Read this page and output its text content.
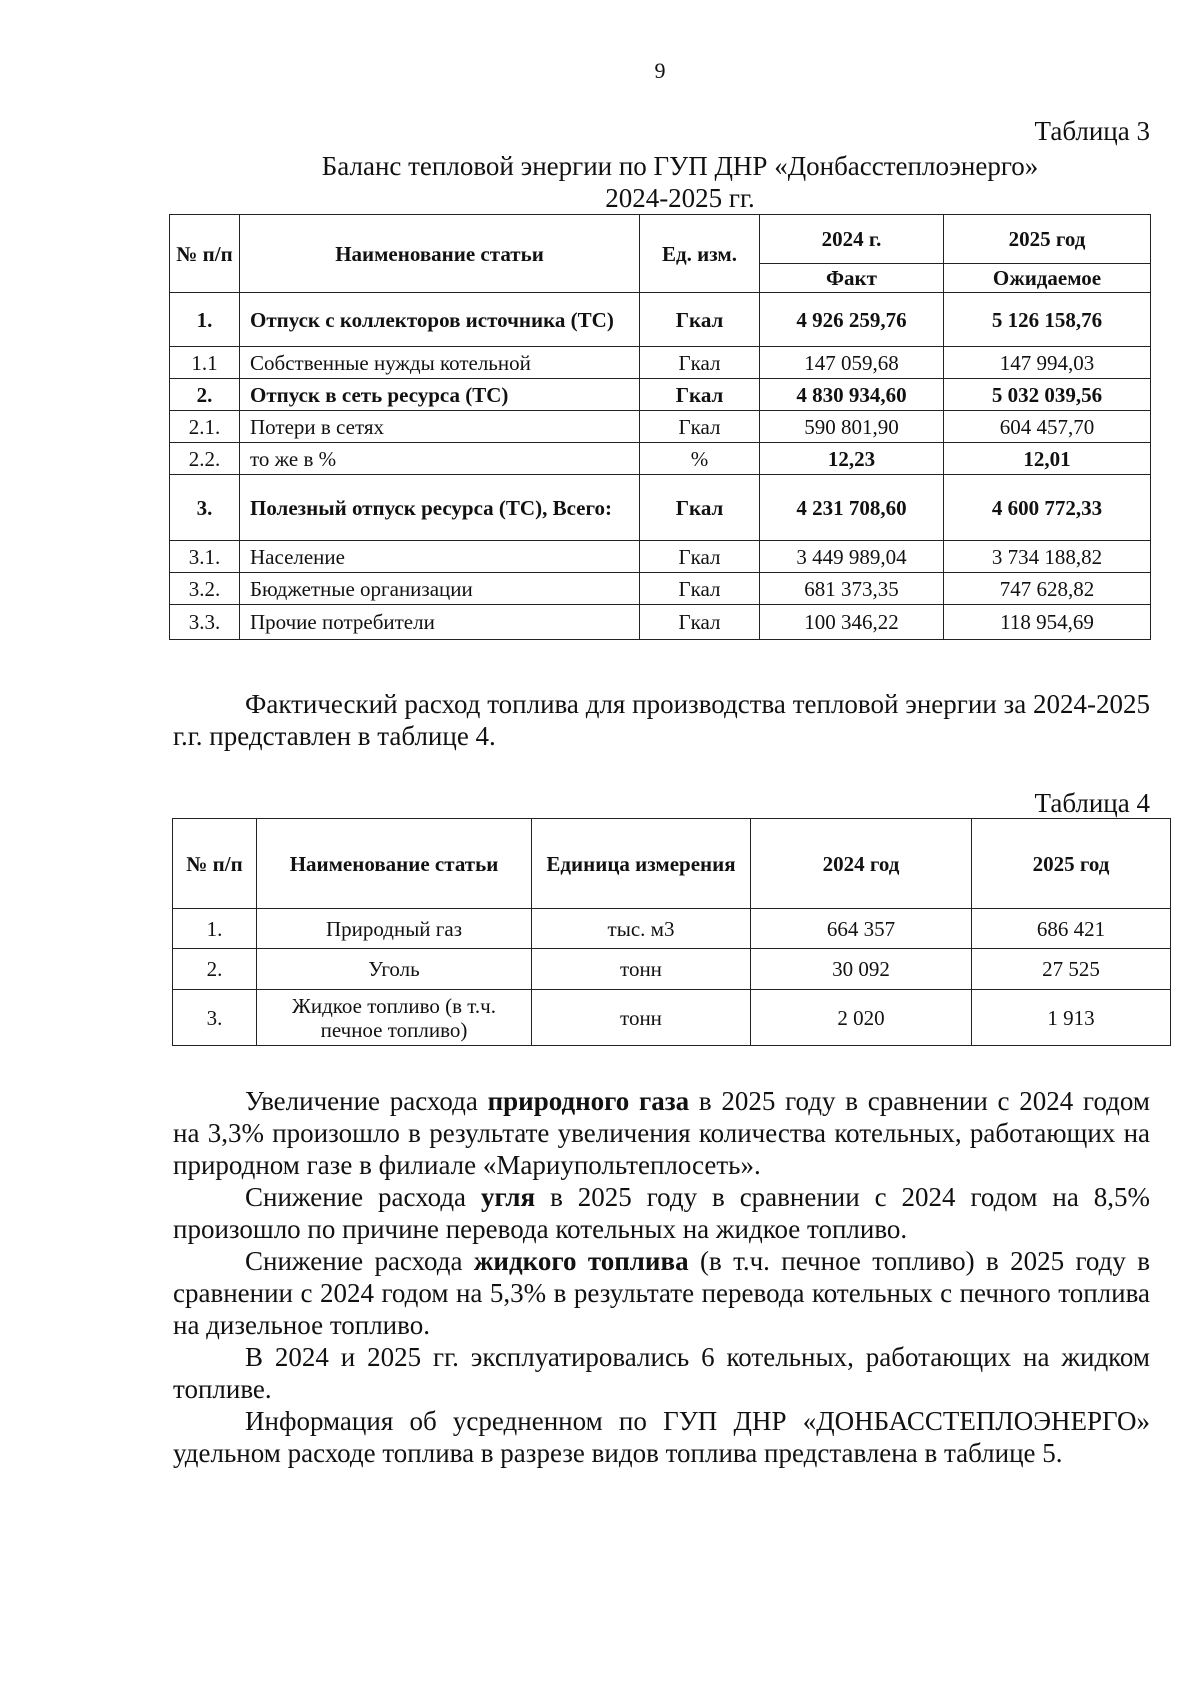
9
Таблица 3
Баланс тепловой энергии по ГУП ДНР «Донбасстеплоэнерго»
2024-2025 гг.
№ п/п	Наименование статьи	Ед. изм.	2024 г.	2025 год
			Факт	Ожидаемое
1.	Отпуск с коллекторов источника (ТС)	Гкал	4 926 259,76	5 126 158,76
1.1	Собственные нужды котельной	Гкал	147 059,68	147 994,03
2.	Отпуск в сеть ресурса (ТС)	Гкал	4 830 934,60	5 032 039,56
2.1.	Потери в сетях	Гкал	590 801,90	604 457,70
2.2.	то же в %	%	12,23	12,01
3.	Полезный отпуск ресурса (ТС), Всего:	Гкал	4 231 708,60	4 600 772,33
3.1.	Население	Гкал	3 449 989,04	3 734 188,82
3.2.	Бюджетные организации	Гкал	681 373,35	747 628,82
3.3.	Прочие потребители	Гкал	100 346,22	118 954,69
Фактический расход топлива для производства тепловой энергии за 2024-2025 г.г. представлен в таблице 4.
Таблица 4
№ п/п	Наименование статьи	Единица измерения	2024 год	2025 год
1.	Природный газ	тыс. м3	664 357	686 421
2.	Уголь	тонн	30 092	27 525
3.	Жидкое топливо (в т.ч. печное топливо)	тонн	2 020	1 913

Увеличение расхода природного газа в 2025 году в сравнении с 2024 годом на 3,3% произошло в результате увеличения количества котельных, работающих на природном газе в филиале «Мариупольтеплосеть».

Снижение расхода угля в 2025 году в сравнении с 2024 годом на 8,5% произошло по причине перевода котельных на жидкое топливо.

Снижение расхода жидкого топлива (в т.ч. печное топливо) в 2025 году в сравнении с 2024 годом на 5,3% в результате перевода котельных с печного топлива на дизельное топливо.

В 2024 и 2025 гг. эксплуатировались 6 котельных, работающих на жидком топливе.

Информация об усредненном по ГУП ДНР «ДОНБАССТЕПЛОЭНЕРГО» удельном расходе топлива в разрезе видов топлива представлена в таблице 5.
